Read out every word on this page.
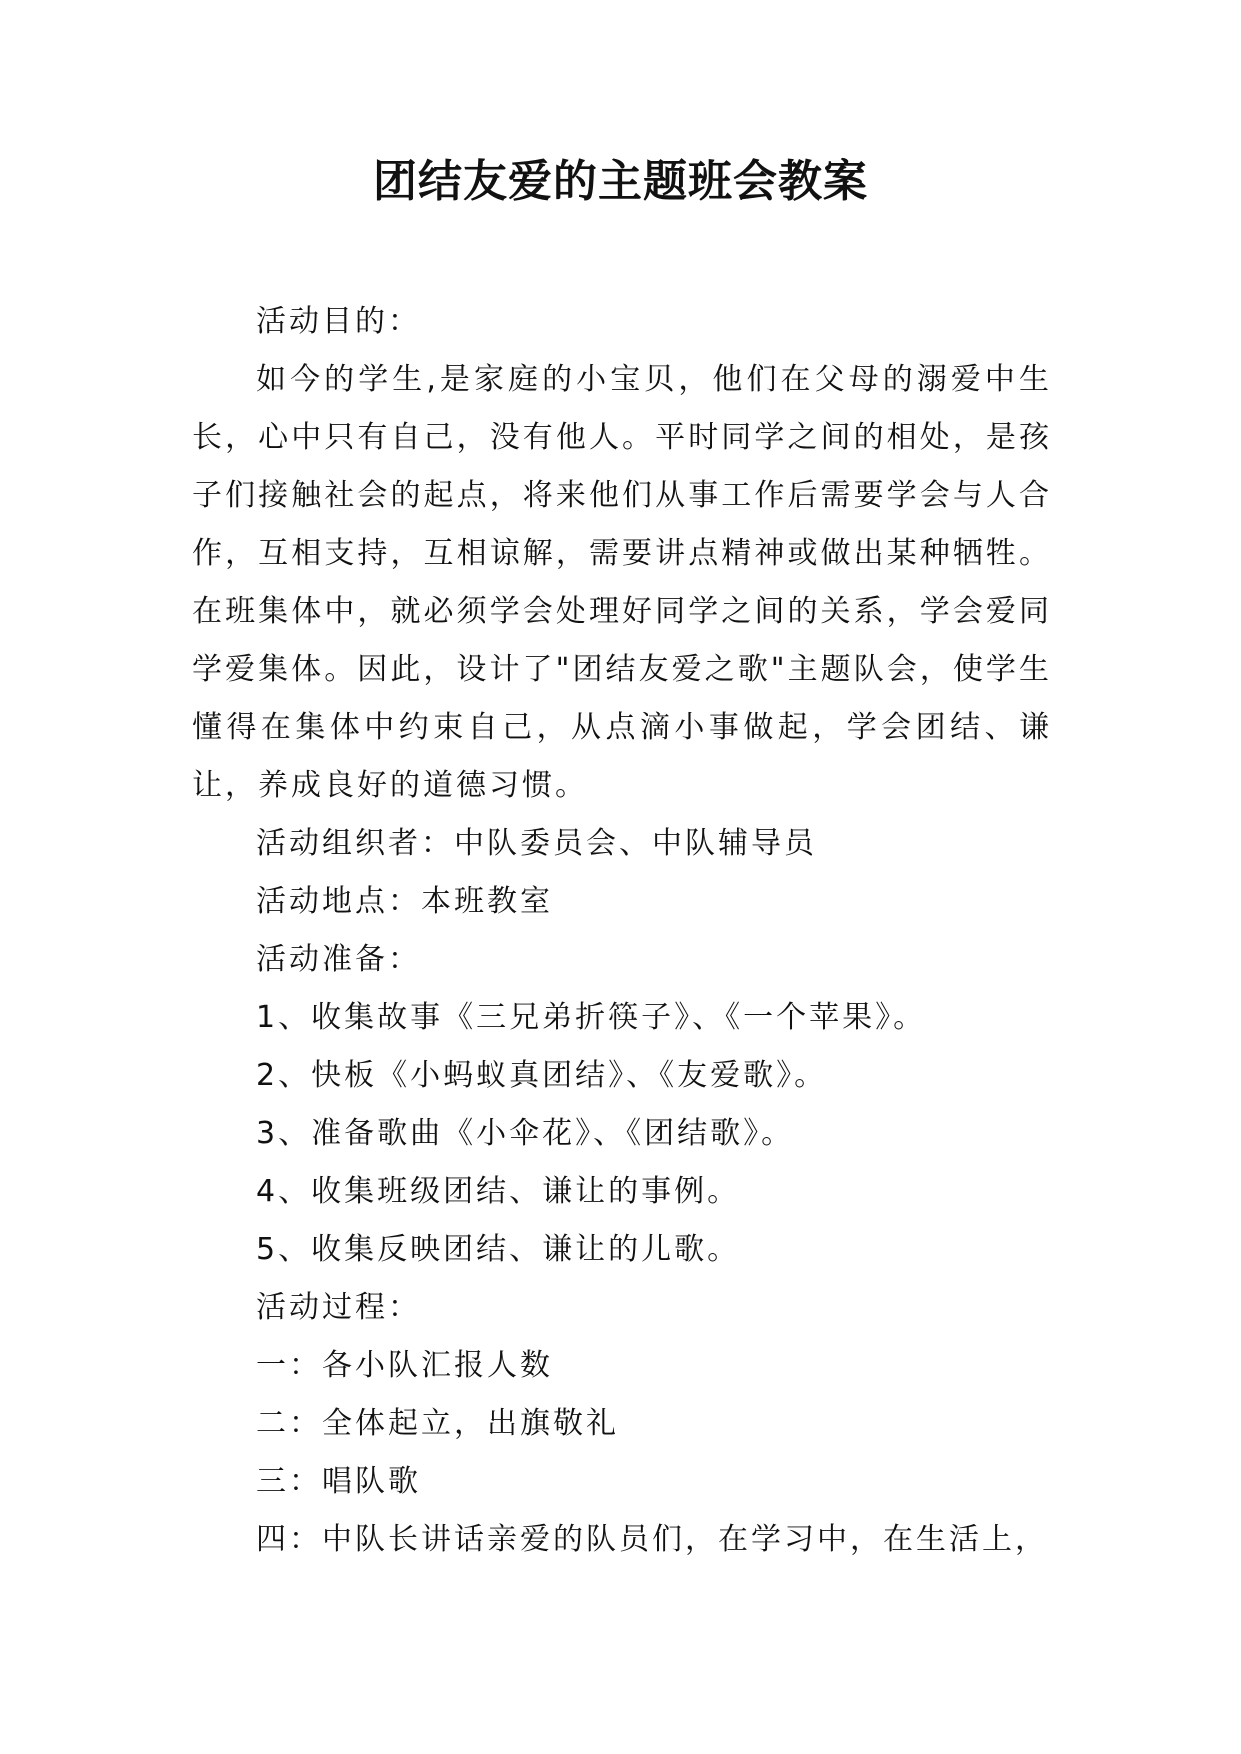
团结友爱的主题班会教案

活动目的：

如今的学生,是家庭的小宝贝，他们在父母的溺爱中生长，心中只有自己，没有他人。平时同学之间的相处，是孩子们接触社会的起点，将来他们从事工作后需要学会与人合作，互相支持，互相谅解，需要讲点精神或做出某种牺牲。在班集体中，就必须学会处理好同学之间的关系，学会爱同学爱集体。因此，设计了"团结友爱之歌"主题队会，使学生懂得在集体中约束自己，从点滴小事做起，学会团结、谦让，养成良好的道德习惯。

活动组织者：中队委员会、中队辅导员

活动地点：本班教室

活动准备：

1、收集故事《三兄弟折筷子》、《一个苹果》。

2、快板《小蚂蚁真团结》、《友爱歌》。

3、准备歌曲《小伞花》、《团结歌》。

4、收集班级团结、谦让的事例。

5、收集反映团结、谦让的儿歌。

活动过程：

一：各小队汇报人数

二：全体起立，出旗敬礼

三：唱队歌

四：中队长讲话亲爱的队员们，在学习中，在生活上，
